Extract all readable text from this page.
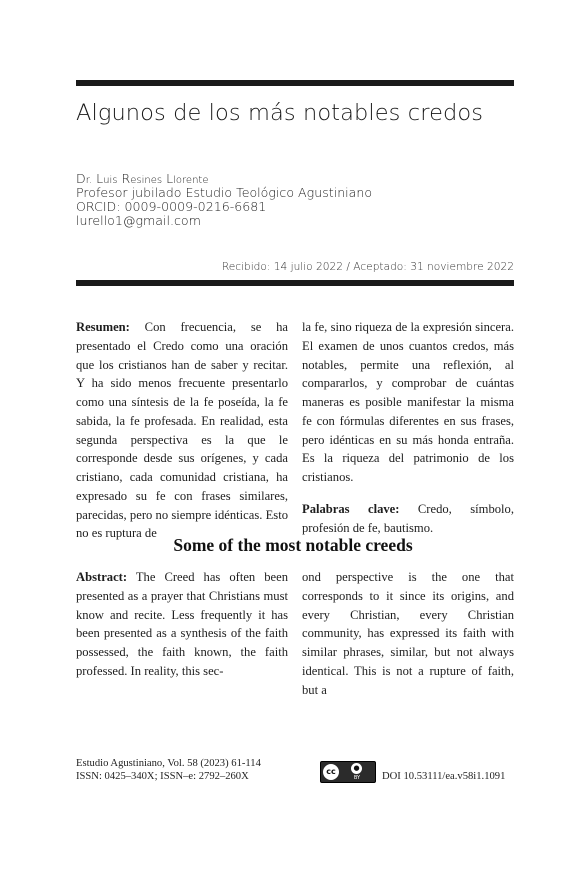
Algunos de los más notables credos
Dr. Luis Resines Llorente
Profesor jubilado Estudio Teológico Agustiniano
ORCID: 0009-0009-0216-6681
lurello1@gmail.com
Recibido: 14 julio 2022 / Aceptado: 31 noviembre 2022

Resumen: Con frecuencia, se ha presentado el Credo como una oración que los cristianos han de saber y recitar. Y ha sido menos frecuente presentarlo como una síntesis de la fe poseída, la fe sabida, la fe profesada. En realidad, esta segunda perspectiva es la que le corresponde desde sus orígenes, y cada cristiano, cada comunidad cristiana, ha expresado su fe con frases similares, parecidas, pero no siempre idénticas. Esto no es ruptura de

la fe, sino riqueza de la expresión sincera. El examen de unos cuantos credos, más notables, permite una reflexión, al compararlos, y comprobar de cuántas maneras es posible manifestar la misma fe con fórmulas diferentes en sus frases, pero idénticas en su más honda entraña. Es la riqueza del patrimonio de los cristianos.

Palabras clave: Credo, símbolo, profesión de fe, bautismo.

Some of the most notable creeds

Abstract: The Creed has often been presented as a prayer that Christians must know and recite. Less frequently it has been presented as a synthesis of the faith possessed, the faith known, the faith professed. In reality, this sec-

ond perspective is the one that corresponds to it since its origins, and every Christian, every Christian community, has expressed its faith with similar phrases, similar, but not always identical. This is not a rupture of faith, but a

Estudio Agustiniano, Vol. 58 (2023) 61-114
ISSN: 0425–340X; ISSN–e: 2792–260X	cc	●
BY	DOI 10.53111/ea.v58i1.1091
